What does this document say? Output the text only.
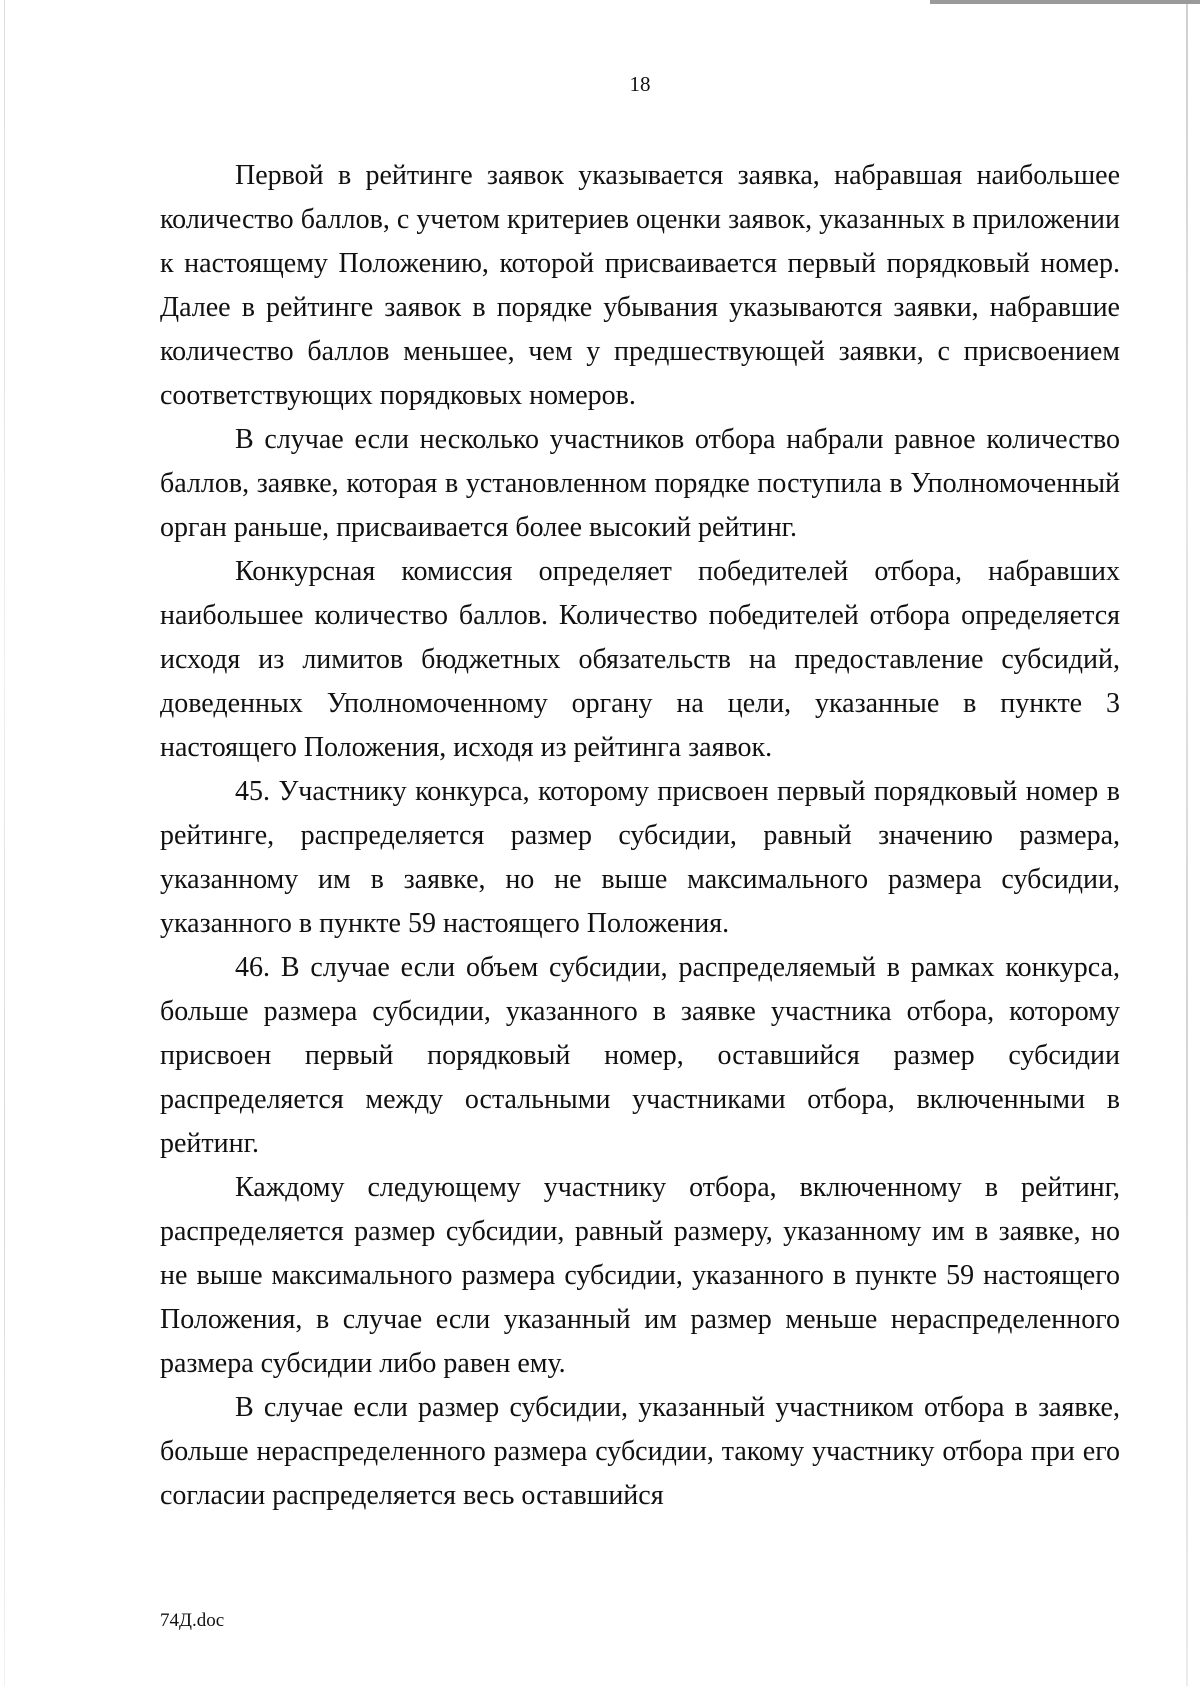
18

Первой в рейтинге заявок указывается заявка, набравшая наибольшее количество баллов, с учетом критериев оценки заявок, указанных в приложении к настоящему Положению, которой присваивается первый порядковый номер. Далее в рейтинге заявок в порядке убывания указываются заявки, набравшие количество баллов меньшее, чем у предшествующей заявки, с присвоением соответствующих порядковых номеров.

В случае если несколько участников отбора набрали равное количество баллов, заявке, которая в установленном порядке поступила в Уполномоченный орган раньше, присваивается более высокий рейтинг.

Конкурсная комиссия определяет победителей отбора, набравших наибольшее количество баллов. Количество победителей отбора определяется исходя из лимитов бюджетных обязательств на предоставление субсидий, доведенных Уполномоченному органу на цели, указанные в пункте 3 настоящего Положения, исходя из рейтинга заявок.

45. Участнику конкурса, которому присвоен первый порядковый номер в рейтинге, распределяется размер субсидии, равный значению размера, указанному им в заявке, но не выше максимального размера субсидии, указанного в пункте 59 настоящего Положения.

46. В случае если объем субсидии, распределяемый в рамках конкурса, больше размера субсидии, указанного в заявке участника отбора, которому присвоен первый порядковый номер, оставшийся размер субсидии распределяется между остальными участниками отбора, включенными в рейтинг.

Каждому следующему участнику отбора, включенному в рейтинг, распределяется размер субсидии, равный размеру, указанному им в заявке, но не выше максимального размера субсидии, указанного в пункте 59 настоящего Положения, в случае если указанный им размер меньше нераспределенного размера субсидии либо равен ему.

В случае если размер субсидии, указанный участником отбора в заявке, больше нераспределенного размера субсидии, такому участнику отбора при его согласии распределяется весь оставшийся

74Д.doc
